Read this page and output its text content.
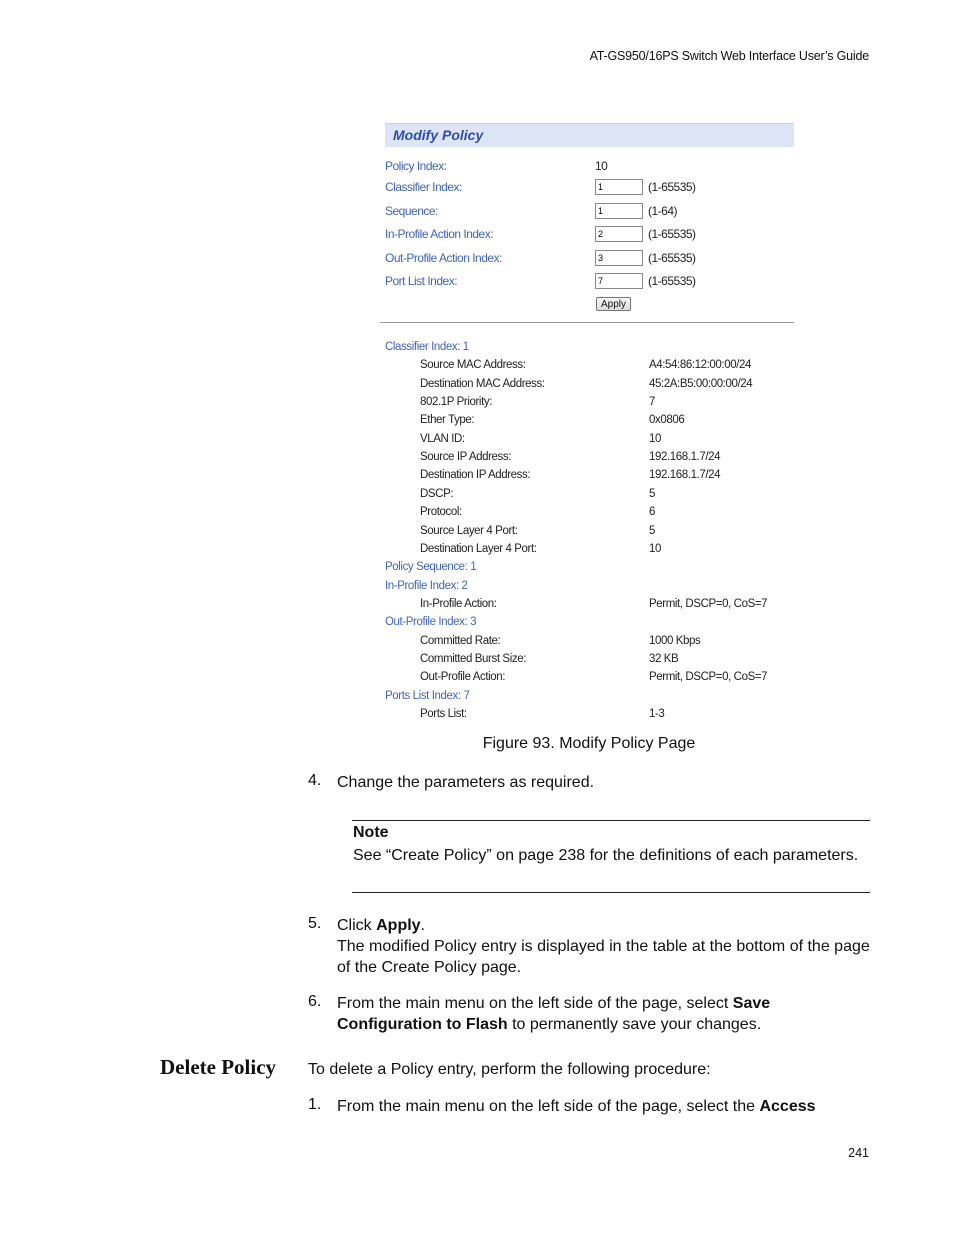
AT-GS950/16PS Switch Web Interface User’s Guide
Modify Policy
Policy Index:	10
Classifier Index:
1	(1-65535)
Sequence:
1	(1-64)
In-Profile Action Index:
2	(1-65535)
Out-Profile Action Index:
3	(1-65535)
Port List Index:
7	(1-65535)
Apply
Classifier Index: 1
Source MAC Address:	A4:54:86:12:00:00/24
Destination MAC Address:	45:2A:B5:00:00:00/24
802.1P Priority:	7
Ether Type:	0x0806
VLAN ID:	10
Source IP Address:	192.168.1.7/24
Destination IP Address:	192.168.1.7/24
DSCP:	5
Protocol:	6
Source Layer 4 Port:	5
Destination Layer 4 Port:	10
Policy Sequence: 1
In-Profile Index: 2
In-Profile Action:	Permit, DSCP=0, CoS=7
Out-Profile Index: 3
Committed Rate:	1000 Kbps
Committed Burst Size:	32 KB
Out-Profile Action:	Permit, DSCP=0, CoS=7
Ports List Index: 7
Ports List:	1-3
Figure 93. Modify Policy Page
4. Change the parameters as required.
Note
See “Create Policy” on page 238 for the definitions of each parameters.
5. Click Apply.
The modified Policy entry is displayed in the table at the bottom of the page of the Create Policy page.
6. From the main menu on the left side of the page, select Save Configuration to Flash to permanently save your changes.
Delete Policy To delete a Policy entry, perform the following procedure:
1. From the main menu on the left side of the page, select the Access
241
